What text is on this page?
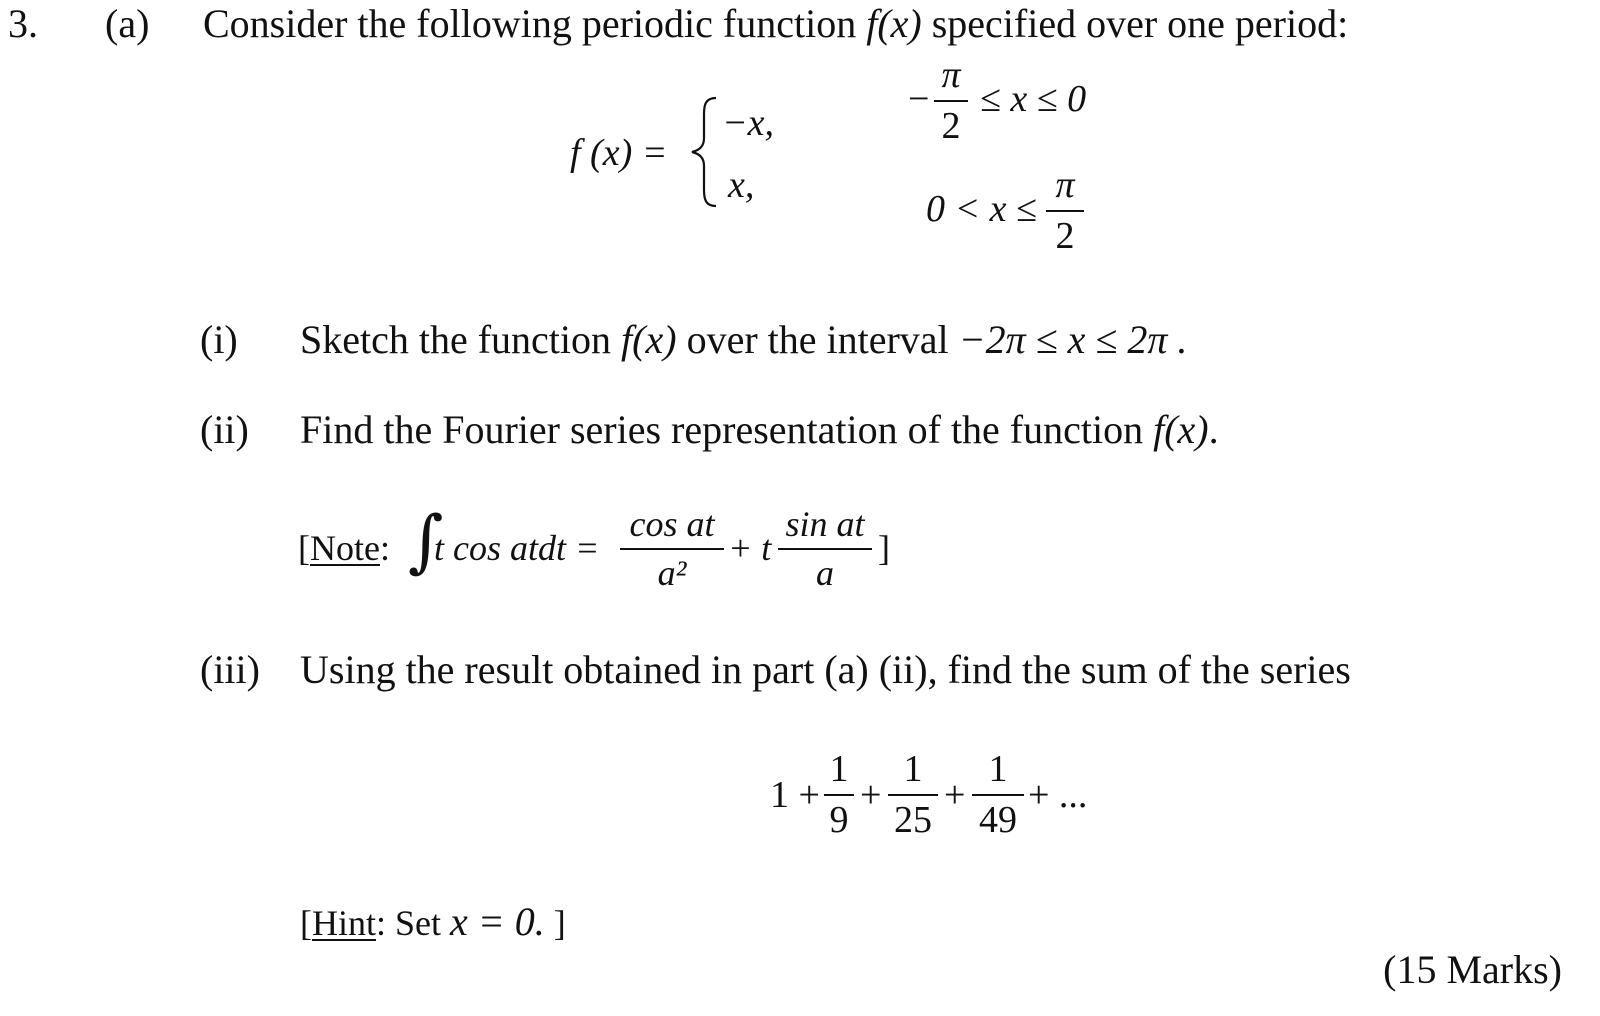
3. (a) Consider the following periodic function f(x) specified over one period:
f (x) =
−x,
x,
−
π
2
≤ x ≤ 0
0 < x ≤
π
2
(i) Sketch the function f(x) over the interval −2π ≤ x ≤ 2π .
(ii) Find the Fourier series representation of the function f(x).
[Note: ∫
t cos atdt =
cos at
a²
+ t
sin at
a
]
(iii) Using the result obtained in part (a) (ii), find the sum of the series
1 +
1
9
+
1
25
+
1
49
+ ...
[Hint: Set x = 0. ]
(15 Marks)
